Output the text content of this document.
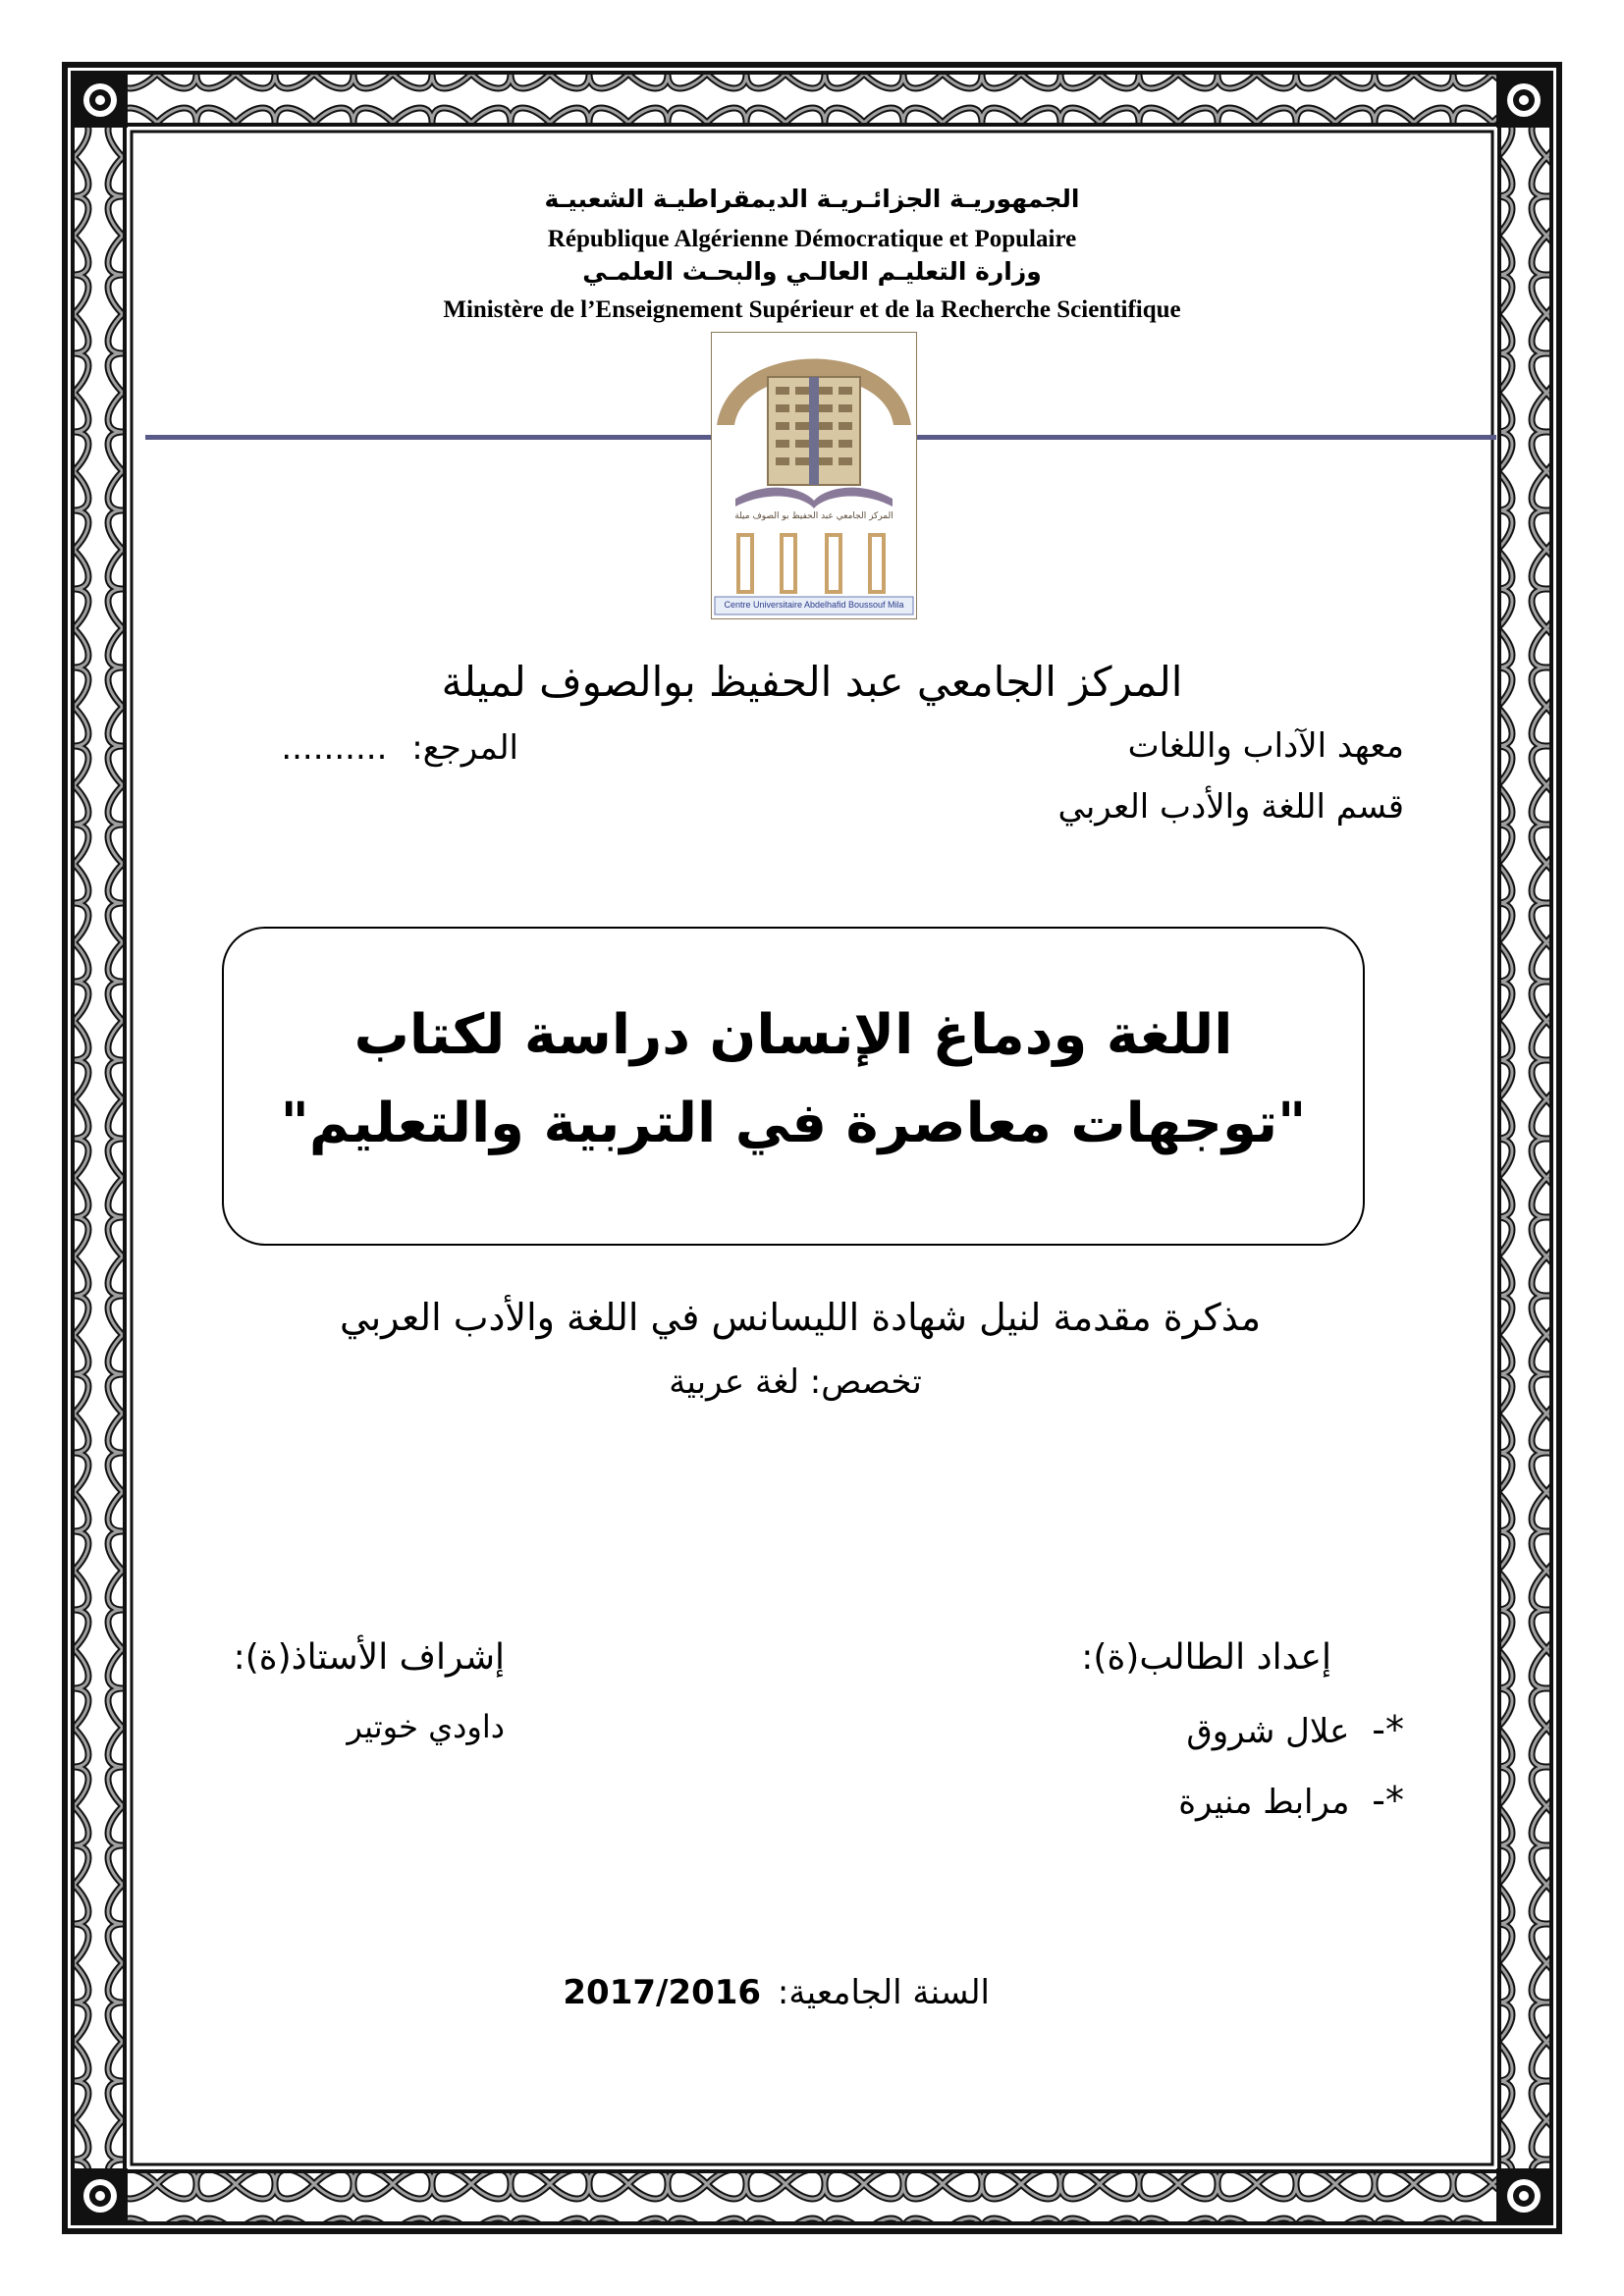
الجمهوريـة الجزائـريـة الديمقراطيـة الشعبيـة
République Algérienne Démocratique et Populaire
وزارة التعليـم العالـي والبحـث العلمـي
Ministère de l’Enseignement Supérieur et de la Recherche Scientifique
المركز الجامعي عبد الحفيظ بو الصوف ميلة
Centre Universitaire Abdelhafid Boussouf Mila
المركز الجامعي عبد الحفيظ بوالصوف لميلة
معهد الآداب واللغات
المرجع: ..........
قسم اللغة والأدب العربي
اللغة ودماغ الإنسان دراسة لكتاب
"توجهات معاصرة في التربية والتعليم"
مذكرة مقدمة لنيل شهادة الليسانس في اللغة والأدب العربي
تخصص: لغة عربية
إعداد الطالب(ة):
*- علال شروق
*- مرابط منيرة
إشراف الأستاذ(ة):
داودي خوتير
السنة الجامعية: 2017/2016
